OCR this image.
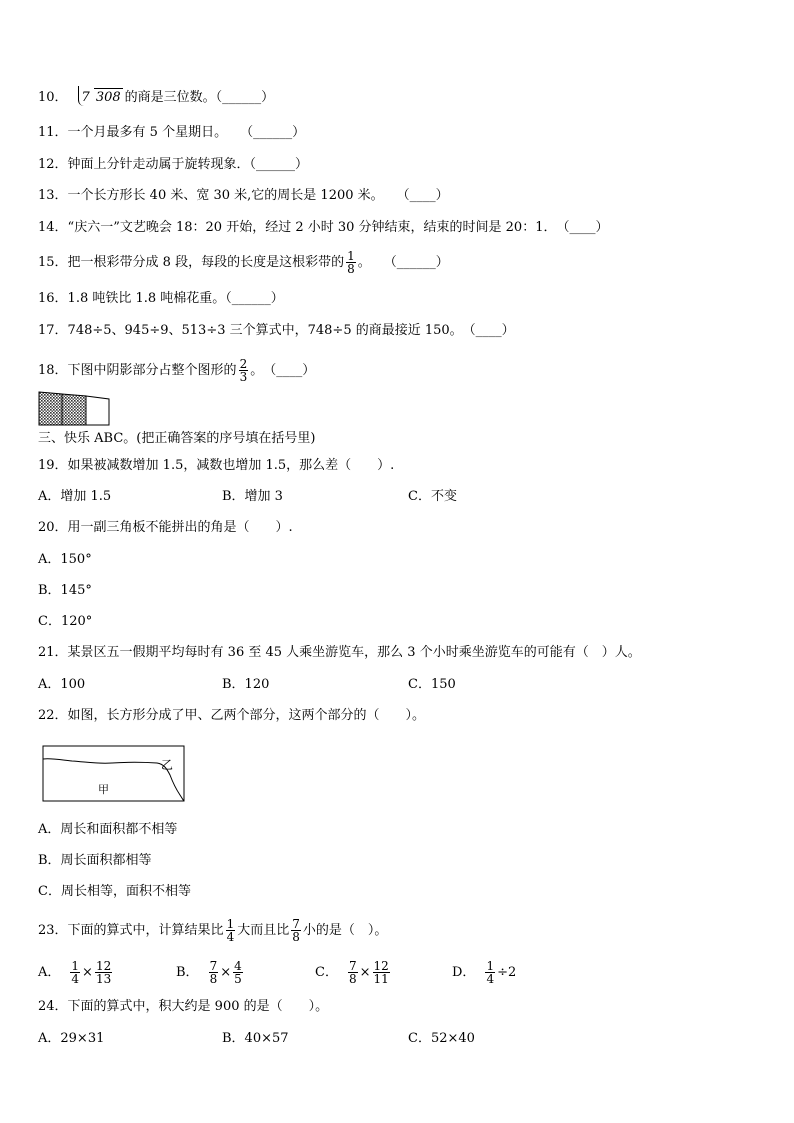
10． 7 308 的商是三位数。（______）
11．一个月最多有 5 个星期日。　　（______）
12．钟面上分针走动属于旋转现象．（______）
13．一个长方形长 40 米、宽 30 米,它的周长是 1200 米。　　（____）
14．“庆六一”文艺晚会 18：20 开始，经过 2 小时 30 分钟结束，结束的时间是 20：1．　（____）
15．把一根彩带分成 8 段，每段的长度是这根彩带的 $\frac{1}{8}$ 。　　（______）
16．1.8 吨铁比 1.8 吨棉花重。（______）
17．748÷5、945÷9、513÷3 三个算式中，748÷5 的商最接近 150。　（____）
18．下图中阴影部分占整个图形的 $\frac{2}{3}$ 。　（____）
三、快乐 ABC。(把正确答案的序号填在括号里)
19．如果被减数增加 1.5，减数也增加 1.5，那么差（　　）.
A．增加 1.5	B．增加 3	C．不变
20．用一副三角板不能拼出的角是（　　）.
A．150°
B．145°
C．120°
21．某景区五一假期平均每时有 36 至 45 人乘坐游览车，那么 3 个小时乘坐游览车的可能有（　）人。
A．100	B．120	C．150
22．如图，长方形分成了甲、乙两个部分，这两个部分的（　　）。
乙
甲
A．周长和面积都不相等
B．周长面积都相等
C．周长相等，面积不相等
23．下面的算式中，计算结果比 $\frac{1}{4}$ 大而且比 $\frac{7}{8}$ 小的是（　）。
A． $\frac{1}{4} \times \frac{12}{13}$	B． $\frac{7}{8} \times \frac{4}{5}$	C． $\frac{7}{8} \times \frac{12}{11}$	D． $\frac{1}{4} \div 2$
24．下面的算式中，积大约是 900 的是（　　）。
A．29×31	B．40×57	C．52×40
